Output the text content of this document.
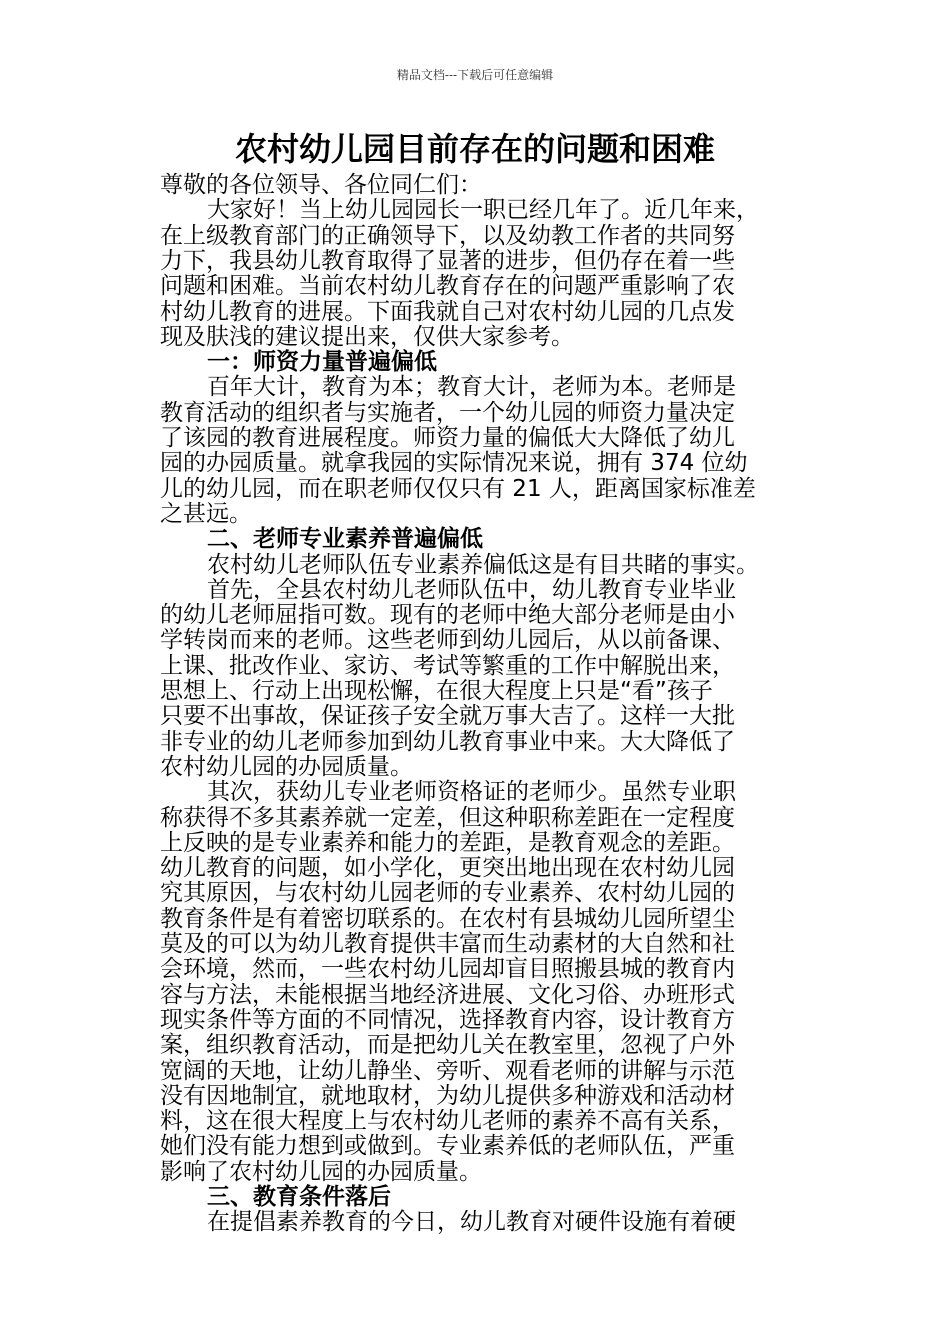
精品文档---下载后可任意编辑
农村幼儿园目前存在的问题和困难
尊敬的各位领导、各位同仁们：
大家好！当上幼儿园园长一职已经几年了。近几年来，
在上级教育部门的正确领导下，以及幼教工作者的共同努
力下，我县幼儿教育取得了显著的进步，但仍存在着一些
问题和困难。当前农村幼儿教育存在的问题严重影响了农
村幼儿教育的进展。下面我就自己对农村幼儿园的几点发
现及肤浅的建议提出来，仅供大家参考。
一：师资力量普遍偏低
百年大计，教育为本；教育大计，老师为本。老师是
教育活动的组织者与实施者，一个幼儿园的师资力量决定
了该园的教育进展程度。师资力量的偏低大大降低了幼儿
园的办园质量。就拿我园的实际情况来说，拥有 374 位幼
儿的幼儿园，而在职老师仅仅只有 21 人，距离国家标准差
之甚远。
二、老师专业素养普遍偏低
农村幼儿老师队伍专业素养偏低这是有目共睹的事实。
首先，全县农村幼儿老师队伍中，幼儿教育专业毕业
的幼儿老师屈指可数。现有的老师中绝大部分老师是由小
学转岗而来的老师。这些老师到幼儿园后，从以前备课、
上课、批改作业、家访、考试等繁重的工作中解脱出来，
思想上、行动上出现松懈，在很大程度上只是“看”孩子
只要不出事故，保证孩子安全就万事大吉了。这样一大批
非专业的幼儿老师参加到幼儿教育事业中来。大大降低了
农村幼儿园的办园质量。
其次，获幼儿专业老师资格证的老师少。虽然专业职
称获得不多其素养就一定差，但这种职称差距在一定程度
上反映的是专业素养和能力的差距，是教育观念的差距。
幼儿教育的问题，如小学化，更突出地出现在农村幼儿园
究其原因，与农村幼儿园老师的专业素养、农村幼儿园的
教育条件是有着密切联系的。在农村有县城幼儿园所望尘
莫及的可以为幼儿教育提供丰富而生动素材的大自然和社
会环境，然而，一些农村幼儿园却盲目照搬县城的教育内
容与方法，未能根据当地经济进展、文化习俗、办班形式
现实条件等方面的不同情况，选择教育内容，设计教育方
案，组织教育活动，而是把幼儿关在教室里，忽视了户外
宽阔的天地，让幼儿静坐、旁听、观看老师的讲解与示范
没有因地制宜，就地取材，为幼儿提供多种游戏和活动材
料，这在很大程度上与农村幼儿老师的素养不高有关系，
她们没有能力想到或做到。专业素养低的老师队伍，严重
影响了农村幼儿园的办园质量。
三、教育条件落后
在提倡素养教育的今日，幼儿教育对硬件设施有着硬
